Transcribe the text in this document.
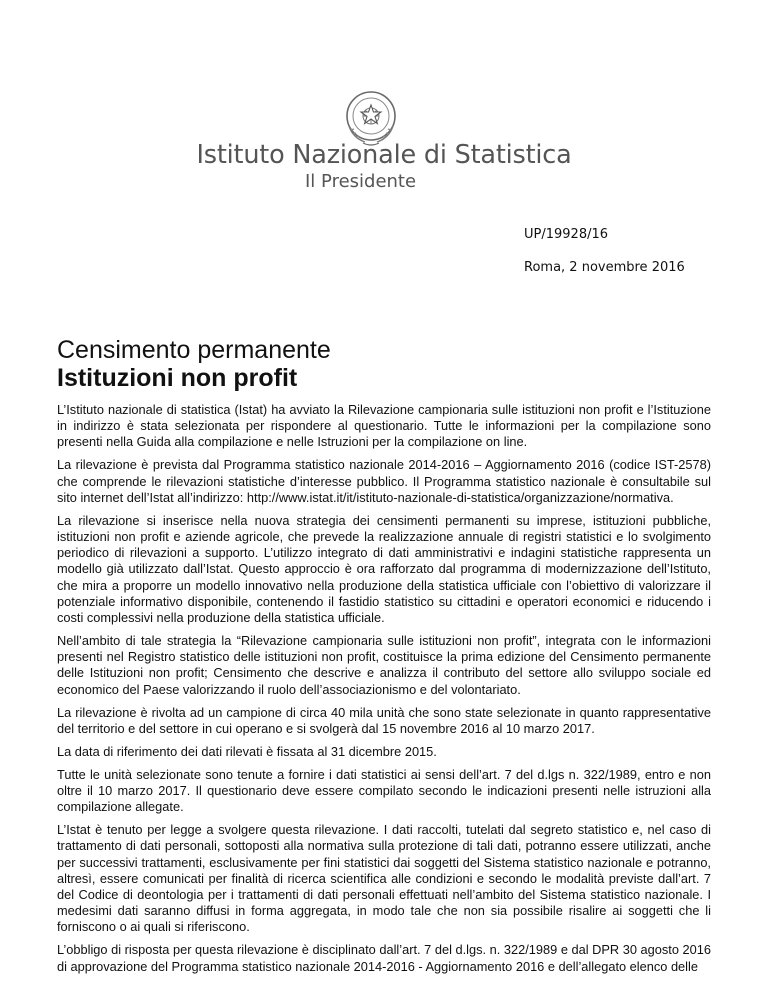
Istituto Nazionale di Statistica
Il Presidente
UP/19928/16
Roma, 2 novembre 2016
Censimento permanente
Istituzioni non profit

L’Istituto nazionale di statistica (Istat) ha avviato la Rilevazione campionaria sulle istituzioni non profit e l’Istituzione in indirizzo è stata selezionata per rispondere al questionario. Tutte le informazioni per la compilazione sono presenti nella Guida alla compilazione e nelle Istruzioni per la compilazione on line.

La rilevazione è prevista dal Programma statistico nazionale 2014-2016 – Aggiornamento 2016 (codice IST-2578) che comprende le rilevazioni statistiche d’interesse pubblico. Il Programma statistico nazionale è consultabile sul sito internet dell’Istat all’indirizzo: http://www.istat.it/it/istituto-nazionale-di-statistica/organizzazione/normativa.

La rilevazione si inserisce nella nuova strategia dei censimenti permanenti su imprese, istituzioni pubbliche, istituzioni non profit e aziende agricole, che prevede la realizzazione annuale di registri statistici e lo svolgimento periodico di rilevazioni a supporto. L’utilizzo integrato di dati amministrativi e indagini statistiche rappresenta un modello già utilizzato dall’Istat. Questo approccio è ora rafforzato dal programma di modernizzazione dell’Istituto, che mira a proporre un modello innovativo nella produzione della statistica ufficiale con l’obiettivo di valorizzare il potenziale informativo disponibile, contenendo il fastidio statistico su cittadini e operatori economici e riducendo i costi complessivi nella produzione della statistica ufficiale.

Nell’ambito di tale strategia la “Rilevazione campionaria sulle istituzioni non profit”, integrata con le informazioni presenti nel Registro statistico delle istituzioni non profit, costituisce la prima edizione del Censimento permanente delle Istituzioni non profit; Censimento che descrive e analizza il contributo del settore allo sviluppo sociale ed economico del Paese valorizzando il ruolo dell’associazionismo e del volontariato.

La rilevazione è rivolta ad un campione di circa 40 mila unità che sono state selezionate in quanto rappresentative del territorio e del settore in cui operano e si svolgerà dal 15 novembre 2016 al 10 marzo 2017.

La data di riferimento dei dati rilevati è fissata al 31 dicembre 2015.

Tutte le unità selezionate sono tenute a fornire i dati statistici ai sensi dell’art. 7 del d.lgs n. 322/1989, entro e non oltre il 10 marzo 2017. Il questionario deve essere compilato secondo le indicazioni presenti nelle istruzioni alla compilazione allegate.

L’Istat è tenuto per legge a svolgere questa rilevazione. I dati raccolti, tutelati dal segreto statistico e, nel caso di trattamento di dati personali, sottoposti alla normativa sulla protezione di tali dati, potranno essere utilizzati, anche per successivi trattamenti, esclusivamente per fini statistici dai soggetti del Sistema statistico nazionale e potranno, altresì, essere comunicati per finalità di ricerca scientifica alle condizioni e secondo le modalità previste dall’art. 7 del Codice di deontologia per i trattamenti di dati personali effettuati nell’ambito del Sistema statistico nazionale. I medesimi dati saranno diffusi in forma aggregata, in modo tale che non sia possibile risalire ai soggetti che li forniscono o ai quali si riferiscono.

L’obbligo di risposta per questa rilevazione è disciplinato dall’art. 7 del d.lgs. n. 322/1989 e dal DPR 30 agosto 2016 di approvazione del Programma statistico nazionale 2014-2016 - Aggiornamento 2016 e dell’allegato elenco delle
